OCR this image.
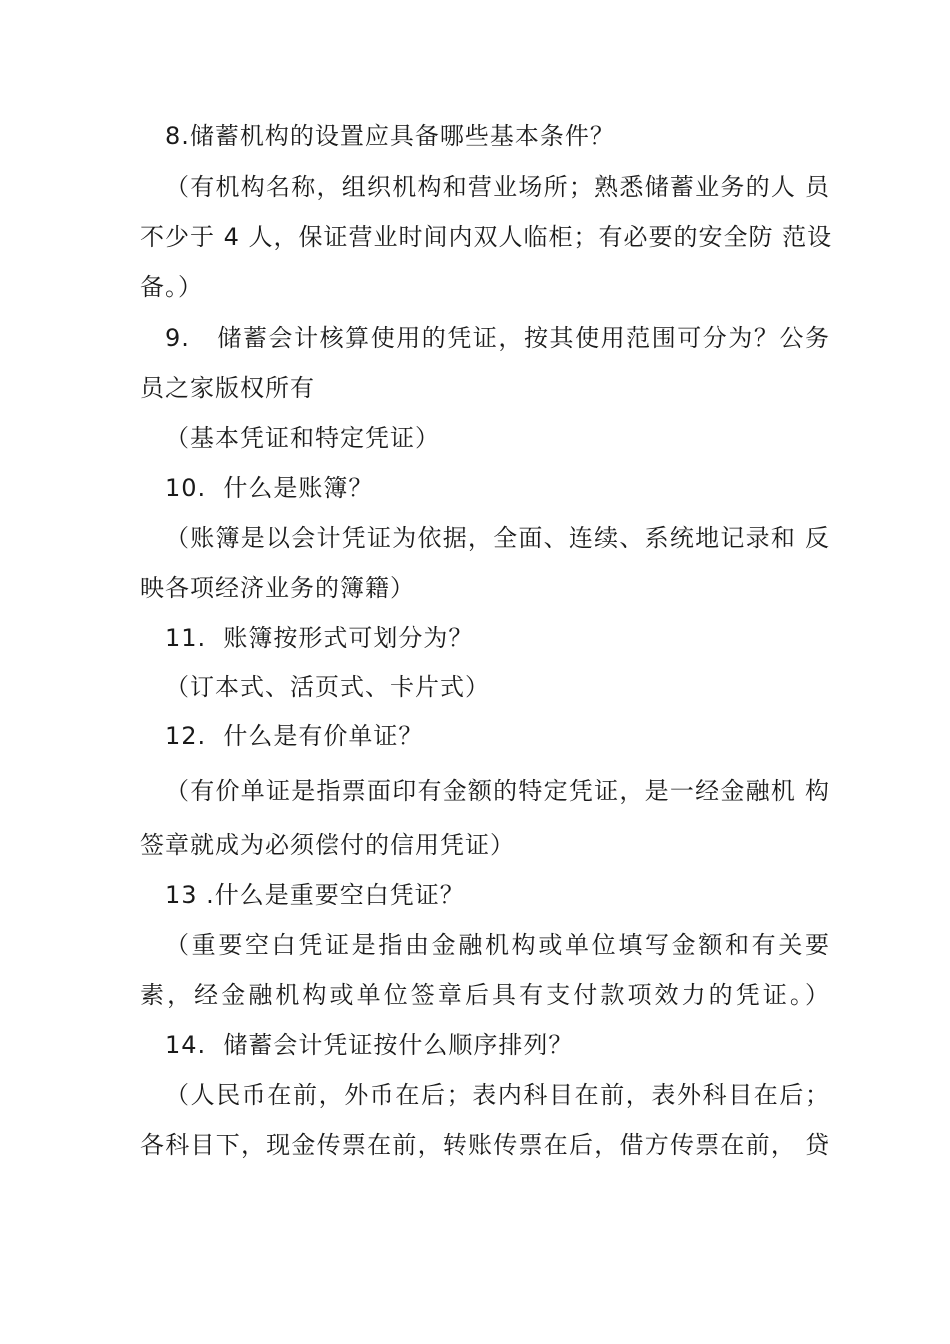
8.储蓄机构的设置应具备哪些基本条件？
（有机构名称，组织机构和营业场所；熟悉储蓄业务的人 员
不少于 4 人，保证营业时间内双人临柜；有必要的安全防 范设
备。）
9.   储蓄会计核算使用的凭证，按其使用范围可分为？公务
员之家版权所有
（基本凭证和特定凭证）
10.  什么是账簿？
（账簿是以会计凭证为依据，全面、连续、系统地记录和 反
映各项经济业务的簿籍）
11.  账簿按形式可划分为？
（订本式、活页式、卡片式）
12.  什么是有价单证？
（有价单证是指票面印有金额的特定凭证，是一经金融机 构
签章就成为必须偿付的信用凭证）
13 .什么是重要空白凭证？
（重要空白凭证是指由金融机构或单位填写金额和有关要
素，经金融机构或单位签章后具有支付款项效力的凭证。）
14.  储蓄会计凭证按什么顺序排列？
（人民币在前，外币在后；表内科目在前，表外科目在后；
各科目下，现金传票在前，转账传票在后，借方传票在前， 贷
